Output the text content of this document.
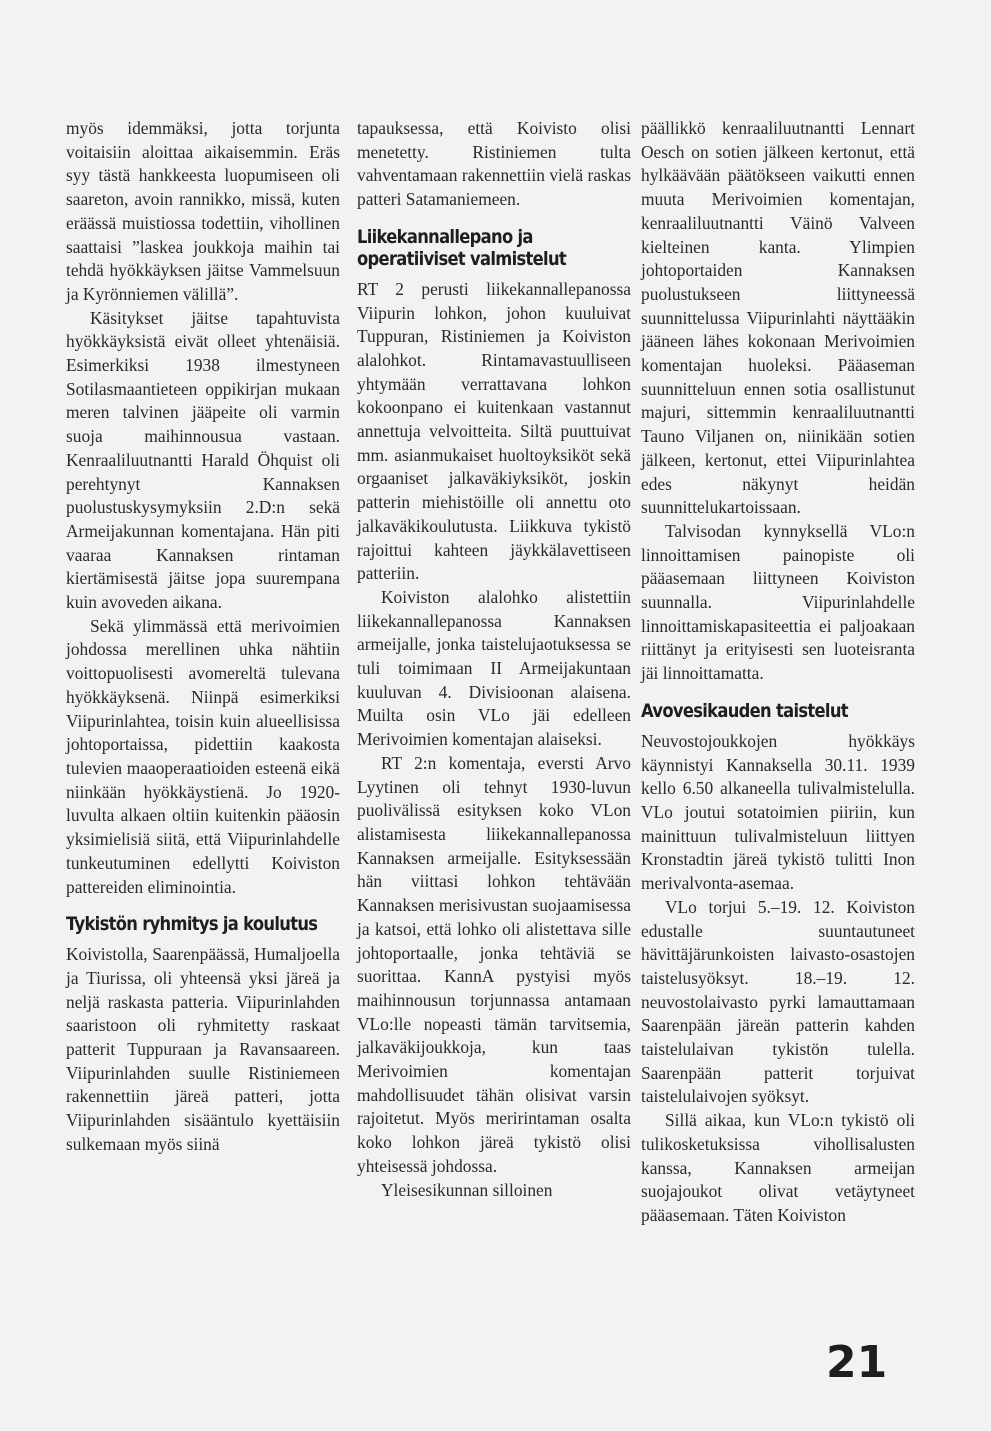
myös idemmäksi, jotta torjunta voitaisiin aloittaa aikaisemmin. Eräs syy tästä hankkeesta luopumiseen oli saareton, avoin rannikko, missä, kuten eräässä muistiossa todettiin, vihollinen saattaisi ”laskea joukkoja maihin tai tehdä hyökkäyksen jäitse Vammelsuun ja Kyrönniemen välillä”.

Käsitykset jäitse tapahtuvista hyökkäyksistä eivät olleet yhtenäisiä. Esimerkiksi 1938 ilmestyneen Sotilasmaantieteen oppikirjan mukaan meren talvinen jääpeite oli varmin suoja maihinnousua vastaan. Kenraaliluutnantti Harald Öhquist oli perehtynyt Kannaksen puolustuskysymyksiin 2.D:n sekä Armeijakunnan komentajana. Hän piti vaaraa Kannaksen rintaman kiertämisestä jäitse jopa suurempana kuin avoveden aikana.

Sekä ylimmässä että merivoimien johdossa merellinen uhka nähtiin voittopuolisesti avomereltä tulevana hyökkäyksenä. Niinpä esimerkiksi Viipurinlahtea, toisin kuin alueellisissa johtoportaissa, pidettiin kaakosta tulevien maaoperaatioiden esteenä eikä niinkään hyökkäystienä. Jo 1920-luvulta alkaen oltiin kuitenkin pääosin yksimielisiä siitä, että Viipurinlahdelle tunkeutuminen edellytti Koiviston pattereiden eliminointia.

Tykistön ryhmitys ja koulutus

Koivistolla, Saarenpäässä, Humaljoella ja Tiurissa, oli yhteensä yksi järeä ja neljä raskasta patteria. Viipurinlahden saaristoon oli ryhmitetty raskaat patterit Tuppuraan ja Ravansaareen. Viipurinlahden suulle Ristiniemeen rakennettiin järeä patteri, jotta Viipurinlahden sisääntulo kyettäisiin sulkemaan myös siinä

tapauksessa, että Koivisto olisi menetetty. Ristiniemen tulta vahventamaan rakennettiin vielä raskas patteri Satamaniemeen.

Liikekannallepano ja
operatiiviset valmistelut

RT 2 perusti liikekannallepanossa Viipurin lohkon, johon kuuluivat Tuppuran, Ristiniemen ja Koiviston alalohkot. Rintamavastuulliseen yhtymään verrattavana lohkon kokoonpano ei kuitenkaan vastannut annettuja velvoitteita. Siltä puuttuivat mm. asianmukaiset huoltoyksiköt sekä orgaaniset jalkaväkiyksiköt, joskin patterin miehistöille oli annettu oto jalkaväkikoulutusta. Liikkuva tykistö rajoittui kahteen jäykkälavettiseen patteriin.

Koiviston alalohko alistettiin liikekannallepanossa Kannaksen armeijalle, jonka taistelujaotuksessa se tuli toimimaan II Armeijakuntaan kuuluvan 4. Divisioonan alaisena. Muilta osin VLo jäi edelleen Merivoimien komentajan alaiseksi.

RT 2:n komentaja, eversti Arvo Lyytinen oli tehnyt 1930-luvun puolivälissä esityksen koko VLon alistamisesta liikekannallepanossa Kannaksen armeijalle. Esityksessään hän viittasi lohkon tehtävään Kannaksen merisivustan suojaamisessa ja katsoi, että lohko oli alistettava sille johtoportaalle, jonka tehtäviä se suorittaa. KannA pystyisi myös maihinnousun torjunnassa antamaan VLo:lle nopeasti tämän tarvitsemia, jalkaväkijoukkoja, kun taas Merivoimien komentajan mahdollisuudet tähän olisivat varsin rajoitetut. Myös meririntaman osalta koko lohkon järeä tykistö olisi yhteisessä johdossa.

Yleisesikunnan silloinen

päällikkö kenraaliluutnantti Lennart Oesch on sotien jälkeen kertonut, että hylkäävään päätökseen vaikutti ennen muuta Merivoimien komentajan, kenraaliluutnantti Väinö Valveen kielteinen kanta. Ylimpien johtoportaiden Kannaksen puolustukseen liittyneessä suunnittelussa Viipurinlahti näyttääkin jääneen lähes kokonaan Merivoimien komentajan huoleksi. Pääaseman suunnitteluun ennen sotia osallistunut majuri, sittemmin kenraaliluutnantti Tauno Viljanen on, niinikään sotien jälkeen, kertonut, ettei Viipurinlahtea edes näkynyt heidän suunnittelukartoissaan.

Talvisodan kynnyksellä VLo:n linnoittamisen painopiste oli pääasemaan liittyneen Koiviston suunnalla. Viipurinlahdelle linnoittamiskapasiteettia ei paljoakaan riittänyt ja erityisesti sen luoteisranta jäi linnoittamatta.

Avovesikauden taistelut

Neuvostojoukkojen hyökkäys käynnistyi Kannaksella 30.11. 1939 kello 6.50 alkaneella tulivalmistelulla. VLo joutui sotatoimien piiriin, kun mainittuun tulivalmisteluun liittyen Kronstadtin järeä tykistö tulitti Inon merivalvonta-asemaa.

VLo torjui 5.–19. 12. Koiviston edustalle suuntautuneet hävittäjärunkoisten laivasto-osastojen taistelusyöksyt. 18.–19. 12. neuvostolaivasto pyrki lamauttamaan Saarenpään järeän patterin kahden taistelulaivan tykistön tulella. Saarenpään patterit torjuivat taistelulaivojen syöksyt.

Sillä aikaa, kun VLo:n tykistö oli tulikosketuksissa vihollisalusten kanssa, Kannaksen armeijan suojajoukot olivat vetäytyneet pääasemaan. Täten Koiviston

21
